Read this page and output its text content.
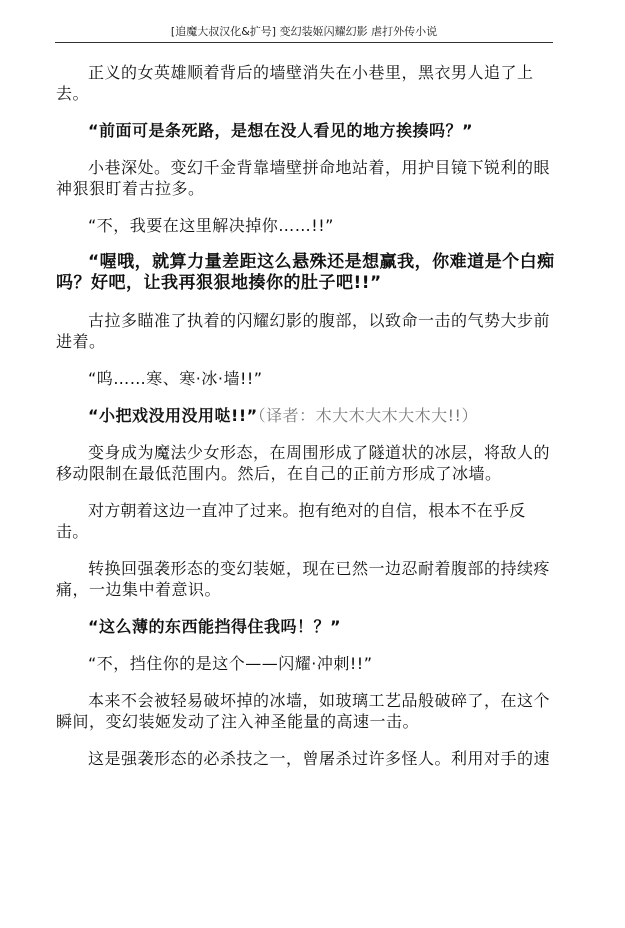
[追魔大叔汉化&扩号] 变幻装姬闪耀幻影 虐打外传小说

正义的女英雄顺着背后的墙壁消失在小巷里，黑衣男人追了上去。

“前面可是条死路，是想在没人看见的地方挨揍吗？”

小巷深处。变幻千金背靠墙壁拼命地站着，用护目镜下锐利的眼神狠狠盯着古拉多。

“不，我要在这里解决掉你……!!”

“喔哦，就算力量差距这么悬殊还是想赢我，你难道是个白痴吗？好吧，让我再狠狠地揍你的肚子吧!!”

古拉多瞄准了执着的闪耀幻影的腹部，以致命一击的气势大步前进着。

“呜……寒、寒·冰·墙!!”

“小把戏没用没用哒!!”（译者：木大木大木大木大!!）

变身成为魔法少女形态，在周围形成了隧道状的冰层，将敌人的移动限制在最低范围内。然后，在自己的正前方形成了冰墙。

对方朝着这边一直冲了过来。抱有绝对的自信，根本不在乎反击。

转换回强袭形态的变幻装姬，现在已然一边忍耐着腹部的持续疼痛，一边集中着意识。

“这么薄的东西能挡得住我吗！？”

“不，挡住你的是这个——闪耀·冲刺!!”

本来不会被轻易破坏掉的冰墙，如玻璃工艺品般破碎了，在这个瞬间，变幻装姬发动了注入神圣能量的高速一击。

这是强袭形态的必杀技之一，曾屠杀过许多怪人。利用对手的速
